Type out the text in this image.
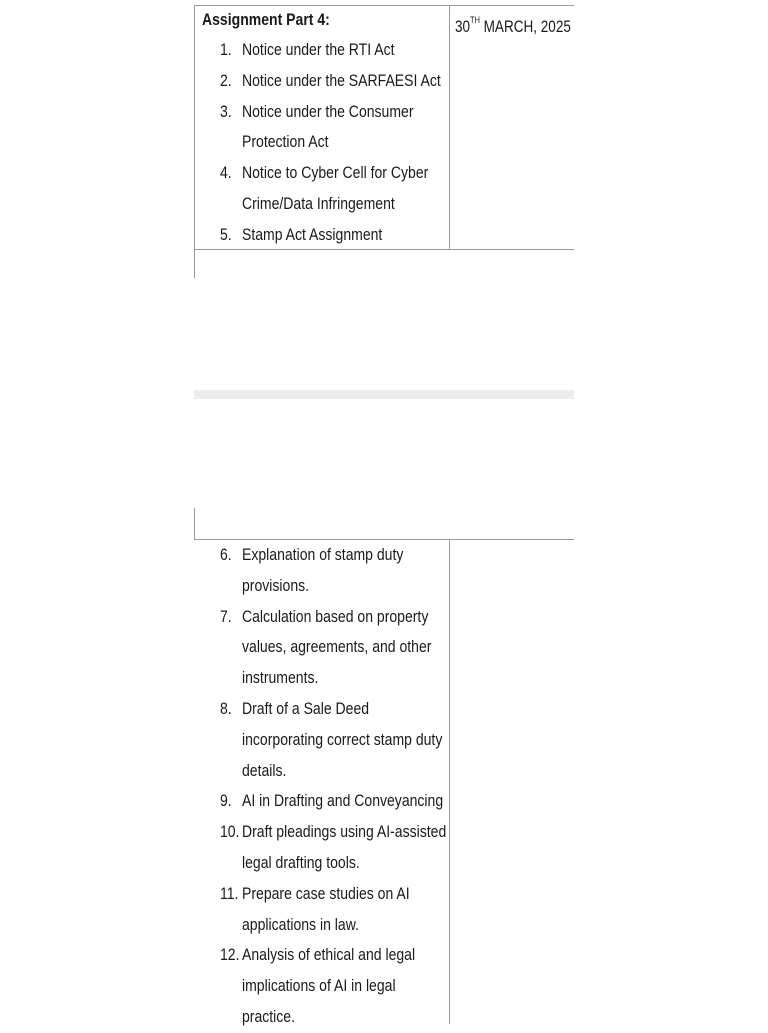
Assignment Part 4:	30TH MARCH, 2025
1. Notice under the RTI Act
2. Notice under the SARFAESI Act
3. Notice under the Consumer
Protection Act
4. Notice to Cyber Cell for Cyber
Crime/Data Infringement
5. Stamp Act Assignment
6. Explanation of stamp duty
provisions.
7. Calculation based on property
values, agreements, and other
instruments.
8. Draft of a Sale Deed
incorporating correct stamp duty
details.
9. AI in Drafting and Conveyancing
10. Draft pleadings using AI-assisted
legal drafting tools.
11. Prepare case studies on AI
applications in law.
12. Analysis of ethical and legal
implications of AI in legal
practice.
